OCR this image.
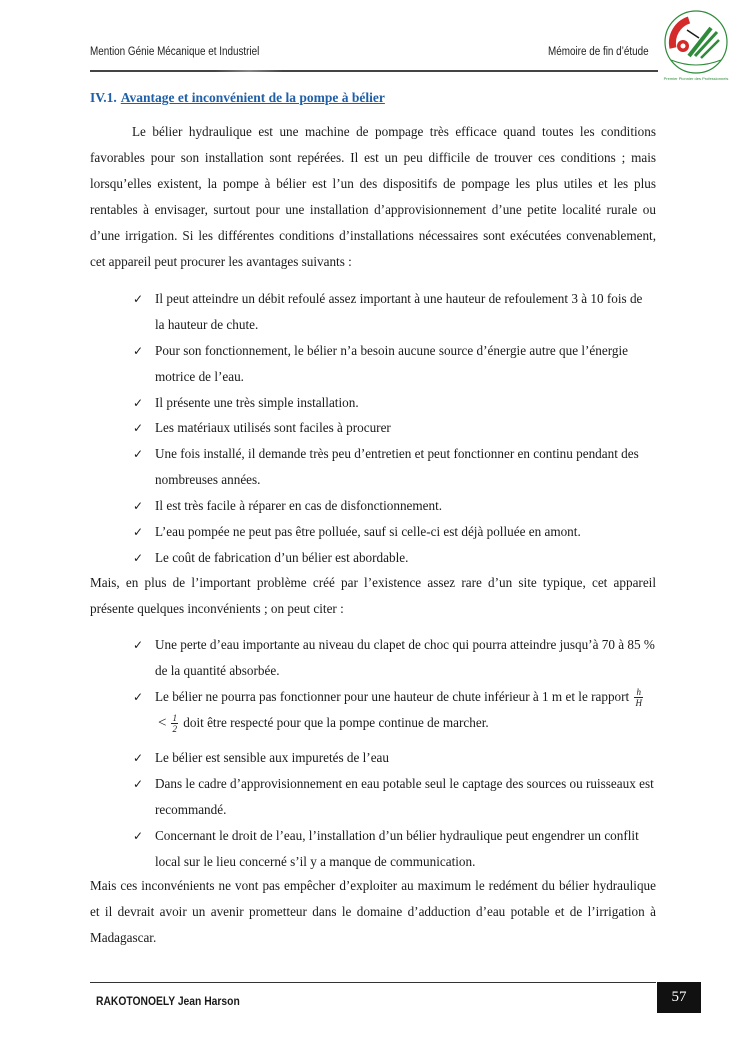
Mention Génie Mécanique et Industriel	Mémoire de fin d’étude
Premier Pionnier des Professionnels
IV.1. Avantage et inconvénient de la pompe à bélier
Le bélier hydraulique est une machine de pompage très efficace quand toutes les conditions favorables pour son installation sont repérées. Il est un peu difficile de trouver ces conditions ; mais lorsqu’elles existent, la pompe à bélier est l’un des dispositifs de pompage les plus utiles et les plus rentables à envisager, surtout pour une installation d’approvisionnement d’une petite localité rurale ou d’une irrigation. Si les différentes conditions d’installations nécessaires sont exécutées convenablement, cet appareil peut procurer les avantages suivants :
✓ Il peut atteindre un débit refoulé assez important à une hauteur de refoulement 3 à 10 fois de la hauteur de chute.
✓ Pour son fonctionnement, le bélier n’a besoin aucune source d’énergie autre que l’énergie motrice de l’eau.
✓ Il présente une très simple installation.
✓ Les matériaux utilisés sont faciles à procurer
✓ Une fois installé, il demande très peu d’entretien et peut fonctionner en continu pendant des nombreuses années.
✓ Il est très facile à réparer en cas de disfonctionnement.
✓ L’eau pompée ne peut pas être polluée, sauf si celle-ci est déjà polluée en amont.
✓ Le coût de fabrication d’un bélier est abordable.
Mais, en plus de l’important problème créé par l’existence assez rare d’un site typique, cet appareil présente quelques inconvénients ; on peut citer :
✓ Une perte d’eau importante au niveau du clapet de choc qui pourra atteindre jusqu’à 70 à 85 % de la quantité absorbée.
✓ Le bélier ne pourra pas fonctionner pour une hauteur de chute inférieur à 1 m et le rapport $\frac{h}{H}$
< $\frac{1}{2}$ doit être respecté pour que la pompe continue de marcher.
✓ Le bélier est sensible aux impuretés de l’eau
✓ Dans le cadre d’approvisionnement en eau potable seul le captage des sources ou ruisseaux est recommandé.
✓ Concernant le droit de l’eau, l’installation d’un bélier hydraulique peut engendrer un conflit local sur le lieu concerné s’il y a manque de communication.
Mais ces inconvénients ne vont pas empêcher d’exploiter au maximum le redément du bélier hydraulique et il devrait avoir un avenir prometteur dans le domaine d’adduction d’eau potable et de l’irrigation à Madagascar.
RAKOTONOELY Jean Harson	57
